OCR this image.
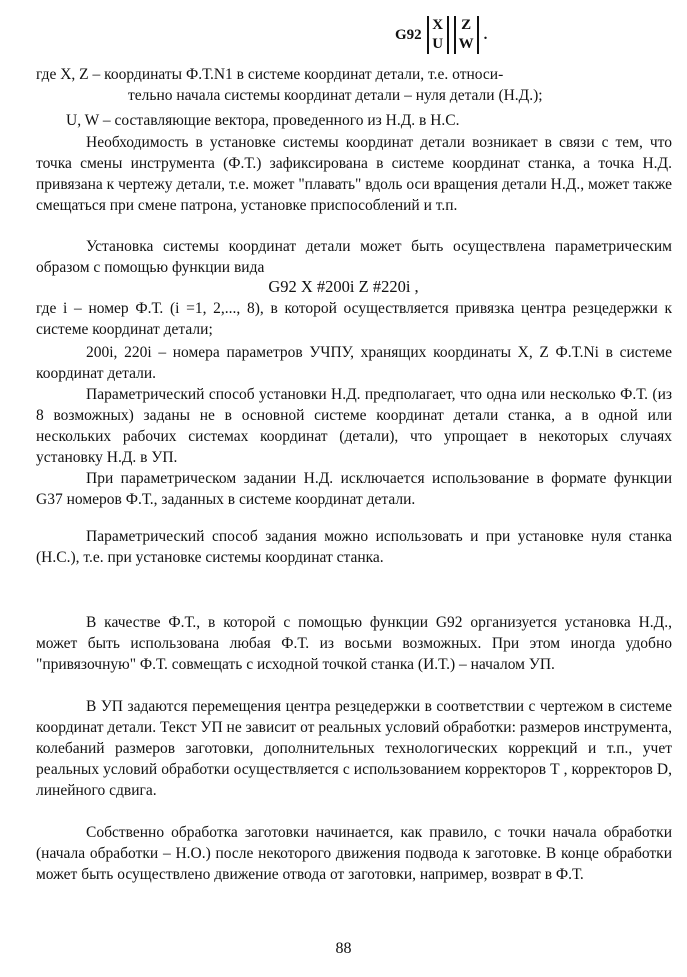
G92
X
U
Z
W
.
где X, Z – координаты Ф.Т.N1 в системе координат детали, т.е. относи-
тельно начала системы координат детали – нуля детали (Н.Д.);
U, W – составляющие вектора, проведенного из Н.Д. в Н.С.
Необходимость в установке системы координат детали возникает в связи с тем, что точка смены инструмента (Ф.Т.) зафиксирована в системе координат станка, а точка Н.Д. привязана к чертежу детали, т.е. может "плавать" вдоль оси вращения детали Н.Д., может также смещаться при смене патрона, установке приспособлений и т.п.
Установка системы координат детали может быть осуществлена параметрическим образом с помощью функции вида
G92 X #200i Z #220i ,
где i – номер Ф.Т. (i =1, 2,..., 8), в которой осуществляется привязка центра резцедержки к системе координат детали;
200i, 220i – номера параметров УЧПУ, хранящих координаты X, Z Ф.Т.Ni в системе координат детали.
Параметрический способ установки Н.Д. предполагает, что одна или несколько Ф.Т. (из 8 возможных) заданы не в основной системе координат детали станка, а в одной или нескольких рабочих системах координат (детали), что упрощает в некоторых случаях установку Н.Д. в УП.
При параметрическом задании Н.Д. исключается использование в формате функции G37 номеров Ф.Т., заданных в системе координат детали.
Параметрический способ задания можно использовать и при установке нуля станка (Н.С.), т.е. при установке системы координат станка.
В качестве Ф.Т., в которой с помощью функции G92 организуется установка Н.Д., может быть использована любая Ф.Т. из восьми возможных. При этом иногда удобно "привязочную" Ф.Т. совмещать с исходной точкой станка (И.Т.) – началом УП.
В УП задаются перемещения центра резцедержки в соответствии с чертежом в системе координат детали. Текст УП не зависит от реальных условий обработки: размеров инструмента, колебаний размеров заготовки, дополнительных технологических коррекций и т.п., учет реальных условий обработки осуществляется с использованием корректоров Т , корректоров D, линейного сдвига.
Собственно обработка заготовки начинается, как правило, с точки начала обработки (начала обработки – Н.О.) после некоторого движения подвода к заготовке. В конце обработки может быть осуществлено движение отвода от заготовки, например, возврат в Ф.Т.
88
